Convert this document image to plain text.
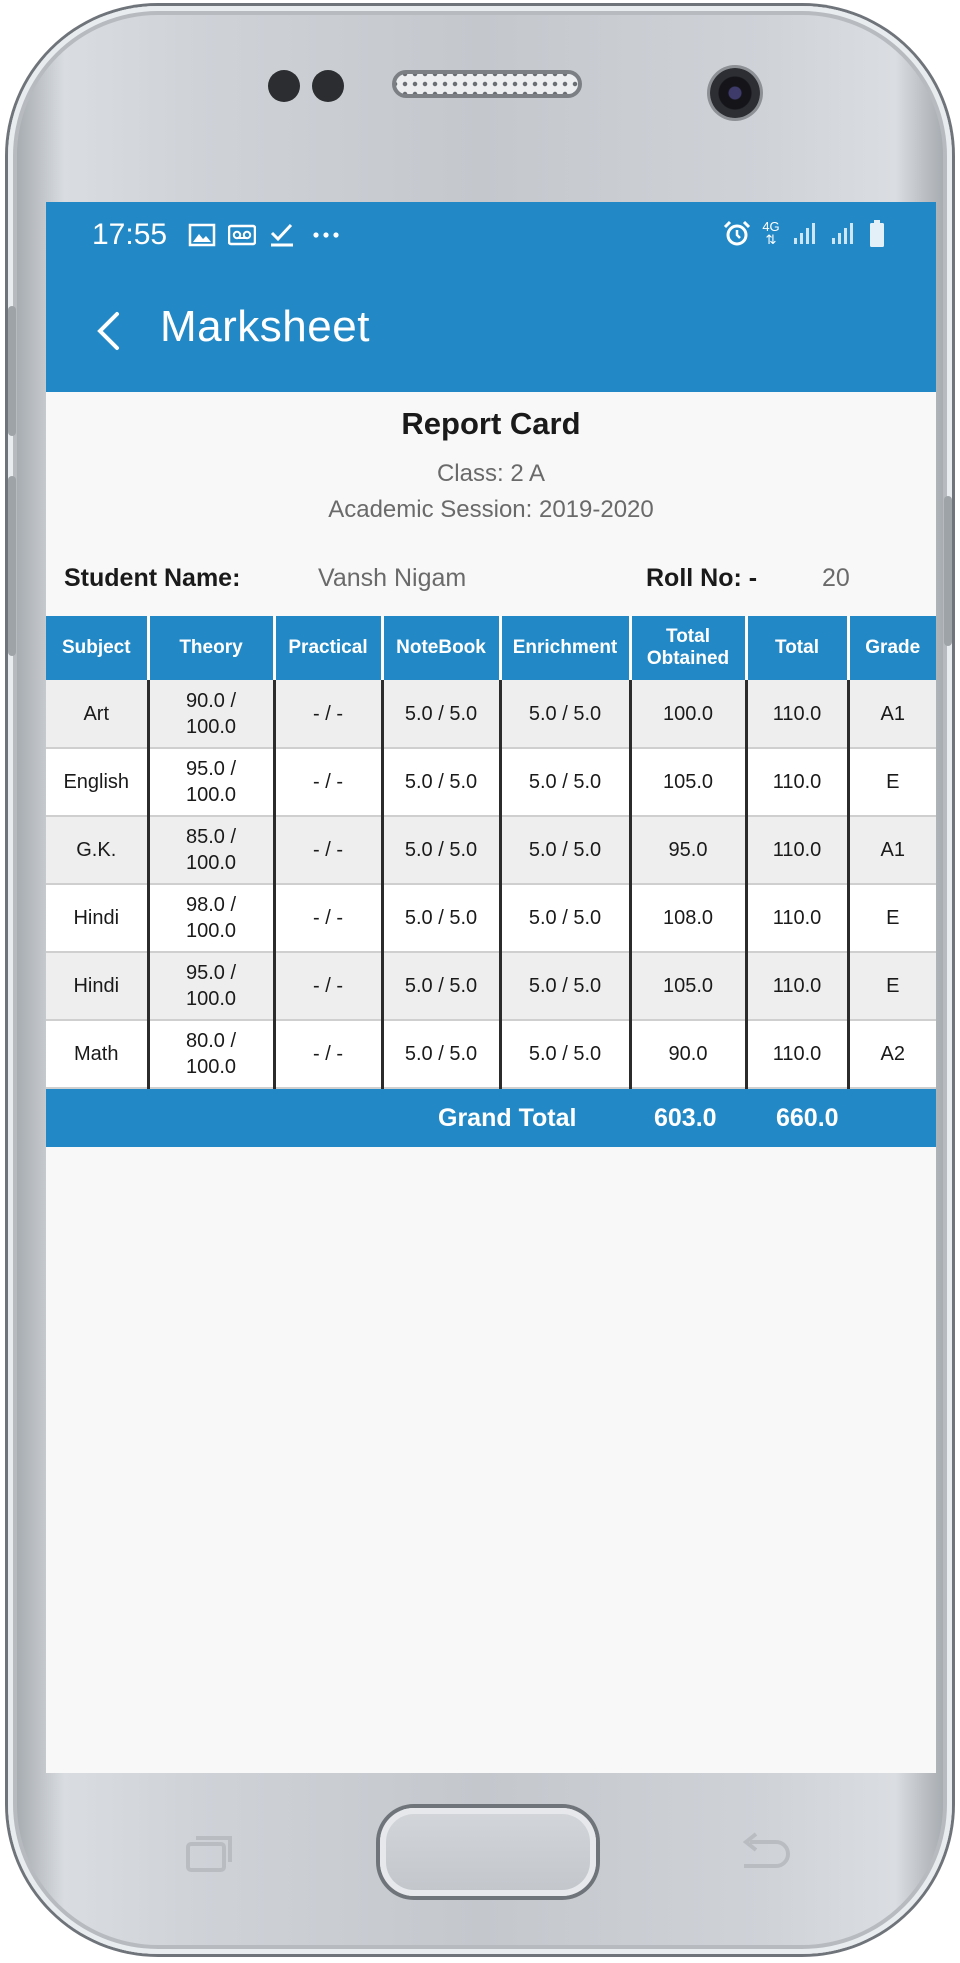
17:55	4G
⇅
Marksheet
Report Card
Class: 2 A
Academic Session: 2019-2020
Student Name:	Vansh Nigam	Roll No: -	20
Subject	Theory	Practical	NoteBook	Enrichment	Total Obtained	Total	Grade
Art	90.0 /
100.0	- / -	5.0 / 5.0	5.0 / 5.0	100.0	110.0	A1
English	95.0 /
100.0	- / -	5.0 / 5.0	5.0 / 5.0	105.0	110.0	E
G.K.	85.0 /
100.0	- / -	5.0 / 5.0	5.0 / 5.0	95.0	110.0	A1
Hindi	98.0 /
100.0	- / -	5.0 / 5.0	5.0 / 5.0	108.0	110.0	E
Hindi	95.0 /
100.0	- / -	5.0 / 5.0	5.0 / 5.0	105.0	110.0	E
Math	80.0 /
100.0	- / -	5.0 / 5.0	5.0 / 5.0	90.0	110.0	A2
Grand Total	603.0 660.0
